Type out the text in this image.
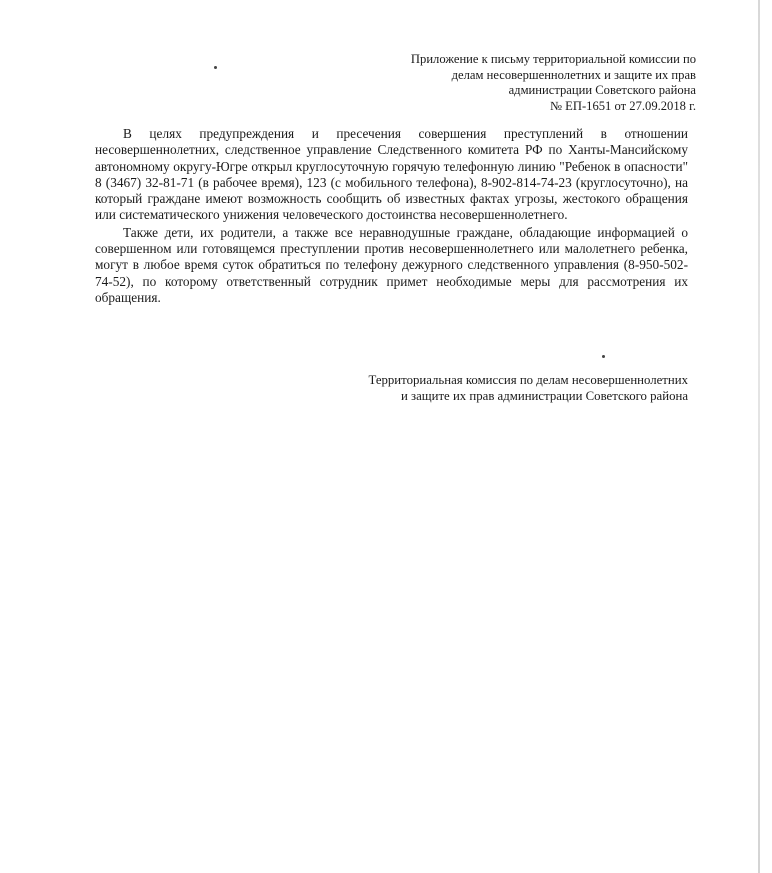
Приложение к письму территориальной комиссии по
делам несовершеннолетних и защите их прав
администрации Советского района
№ ЕП-1651 от 27.09.2018 г.

В целях предупреждения и пресечения совершения преступлений в отношении несовершеннолетних, следственное управление Следственного комитета РФ по Ханты-Мансийскому автономному округу-Югре открыл круглосуточную горячую телефонную линию "Ребенок в опасности" 8 (3467) 32-81-71 (в рабочее время), 123 (с мобильного телефона), 8-902-814-74-23 (круглосуточно), на который граждане имеют возможность сообщить об известных фактах угрозы, жестокого обращения или систематического унижения человеческого достоинства несовершеннолетнего.

Также дети, их родители, а также все неравнодушные граждане, обладающие информацией о совершенном или готовящемся преступлении против несовершеннолетнего или малолетнего ребенка, могут в любое время суток обратиться по телефону дежурного следственного управления (8-950-502-74-52), по которому ответственный сотрудник примет необходимые меры для рассмотрения их обращения.

Территориальная комиссия по делам несовершеннолетних
и защите их прав администрации Советского района
